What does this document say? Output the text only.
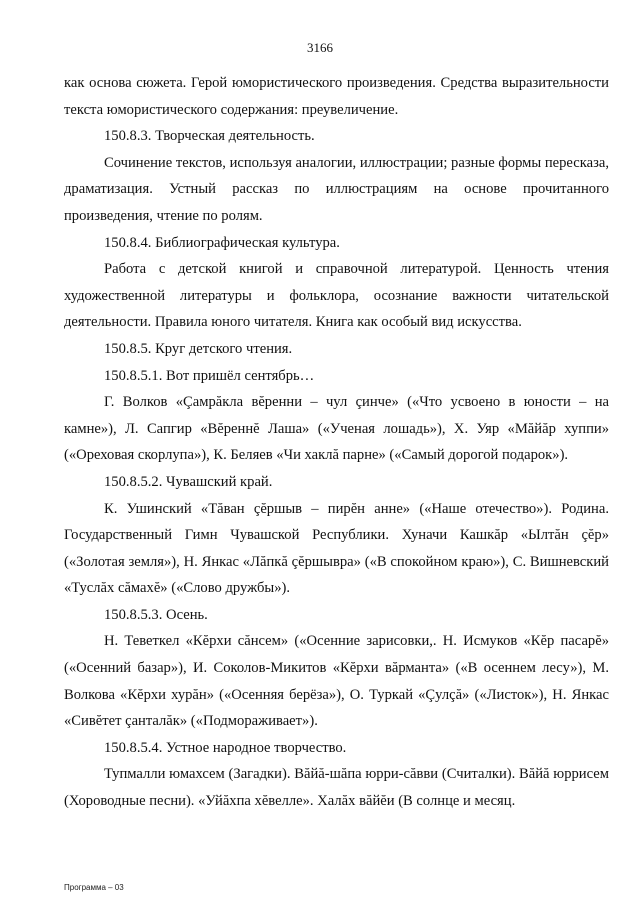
3166

как основа сюжета. Герой юмористического произведения. Средства выразительности текста юмористического содержания: преувеличение.

150.8.3. Творческая деятельность.

Сочинение текстов, используя аналогии, иллюстрации; разные формы пересказа, драматизация. Устный рассказ по иллюстрациям на основе прочитанного произведения, чтение по ролям.

150.8.4. Библиографическая культура.

Работа с детской книгой и справочной литературой. Ценность чтения художественной литературы и фольклора, осознание важности читательской деятельности. Правила юного читателя. Книга как особый вид искусства.

150.8.5. Круг детского чтения.

150.8.5.1. Вот пришёл сентябрь…

Г. Волков «Çамрăкла вĕренни – чул çинче» («Что усвоено в юности – на камне»), Л. Сапгир «Вĕреннĕ Лаша» («Ученая лошадь»), Х. Уяр «Мăйăр хуппи» («Ореховая скорлупа»), К. Беляев «Чи хаклă парне» («Самый дорогой подарок»).

150.8.5.2. Чувашский край.

К. Ушинский «Тăван çĕршыв – пирĕн анне» («Наше отечество»). Родина. Государственный Гимн Чувашской Республики. Хуначи Кашкăр «Ылтăн çĕр» («Золотая земля»), Н. Янкас «Лăпкă çĕршывра» («В спокойном краю»), С. Вишневский «Туслăх сăмахĕ» («Слово дружбы»).

150.8.5.3. Осень.

Н. Теветкел «Кĕрхи сăнсем» («Осенние зарисовки,. Н. Исмуков «Кĕр пасарĕ» («Осенний базар»), И. Соколов-Микитов «Кĕрхи вăрманта» («В осеннем лесу»), М. Волкова «Кĕрхи хурăн» («Осенняя берёза»), О. Туркай «Çулçă» («Листок»), Н. Янкас «Сивĕтет çанталăк» («Подмораживает»).

150.8.5.4. Устное народное творчество.

Тупмалли юмахсем (Загадки). Вăйă-шăпа юрри-сăвви (Считалки). Вăйă юррисем (Хороводные песни). «Уйăхпа хĕвелле». Халăх вăйĕи (В солнце и месяц.

Программа – 03
